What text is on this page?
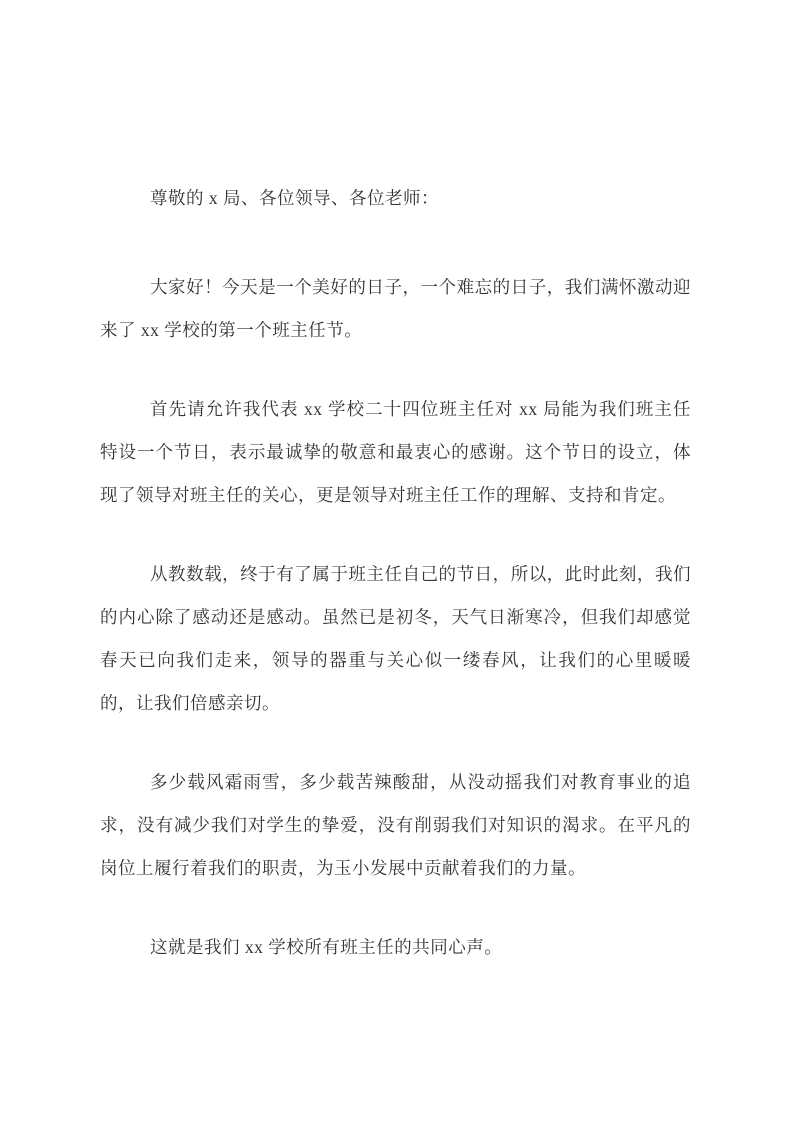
尊敬的 x 局、各位领导、各位老师：

大家好！今天是一个美好的日子，一个难忘的日子，我们满怀激动迎来了 xx 学校的第一个班主任节。

首先请允许我代表 xx 学校二十四位班主任对 xx 局能为我们班主任特设一个节日，表示最诚挚的敬意和最衷心的感谢。这个节日的设立，体现了领导对班主任的关心，更是领导对班主任工作的理解、支持和肯定。

从教数载，终于有了属于班主任自己的节日，所以，此时此刻，我们的内心除了感动还是感动。虽然已是初冬，天气日渐寒冷，但我们却感觉春天已向我们走来，领导的器重与关心似一缕春风，让我们的心里暖暖的，让我们倍感亲切。

多少载风霜雨雪，多少载苦辣酸甜，从没动摇我们对教育事业的追求，没有减少我们对学生的挚爱，没有削弱我们对知识的渴求。在平凡的岗位上履行着我们的职责，为玉小发展中贡献着我们的力量。

这就是我们 xx 学校所有班主任的共同心声。
